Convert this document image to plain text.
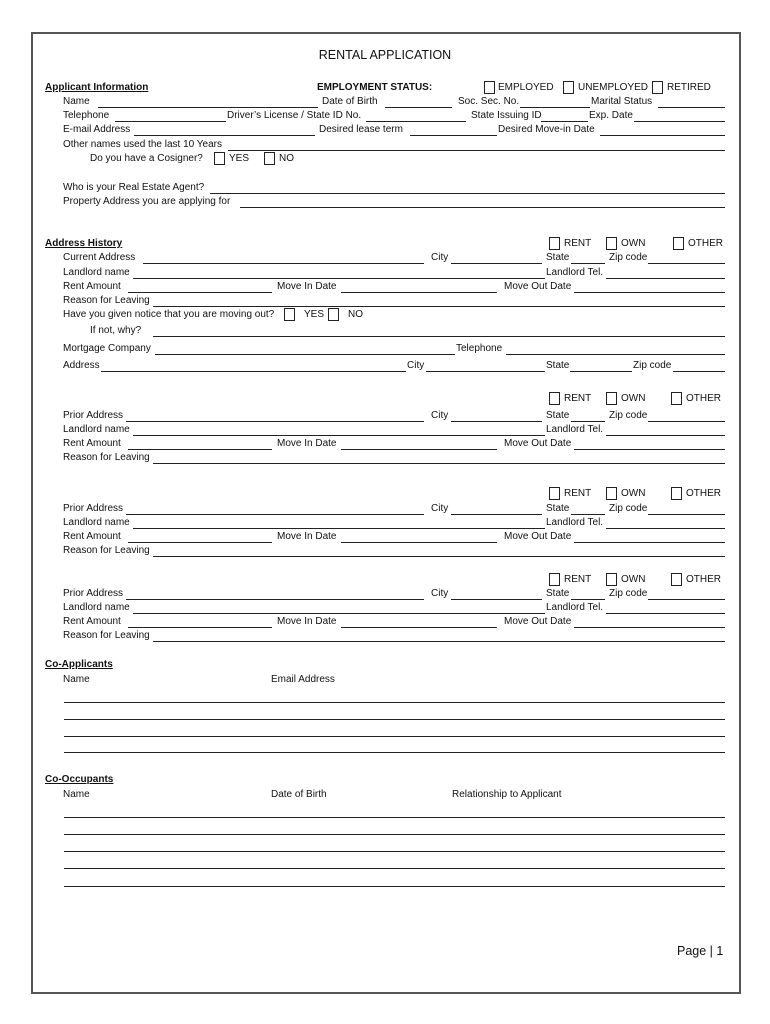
RENTAL APPLICATION
Applicant Information	EMPLOYMENT STATUS:	EMPLOYED UNEMPLOYED RETIRED
Name	Date of Birth	Soc. Sec. No.	Marital Status
Telephone	Driver’s License / State ID No.	State Issuing ID	Exp. Date
E-mail Address	Desired lease term	Desired Move-in Date
Other names used the last 10 Years
Do you have a Cosigner?	YES	NO
Who is your Real Estate Agent?
Property Address you are applying for
Address History	RENT	OWN	OTHER
Current Address	City	State	Zip code
Landlord name	Landlord Tel.
Rent Amount	Move In Date	Move Out Date
Reason for Leaving
Have you given notice that you are moving out?	YES NO
If not, why?
Mortgage Company	Telephone
Address	City	State	Zip code
RENT	OWN	OTHER
Prior Address	City	State	Zip code
Landlord name	Landlord Tel.
Rent Amount	Move In Date	Move Out Date
Reason for Leaving
RENT	OWN	OTHER
Prior Address	City	State	Zip code
Landlord name	Landlord Tel.
Rent Amount	Move In Date	Move Out Date
Reason for Leaving
RENT	OWN	OTHER
Prior Address	City	State	Zip code
Landlord name	Landlord Tel.
Rent Amount	Move In Date	Move Out Date
Reason for Leaving
Co-Applicants
Name	Email Address
Co-Occupants
Name	Date of Birth	Relationship to Applicant
Page | 1
